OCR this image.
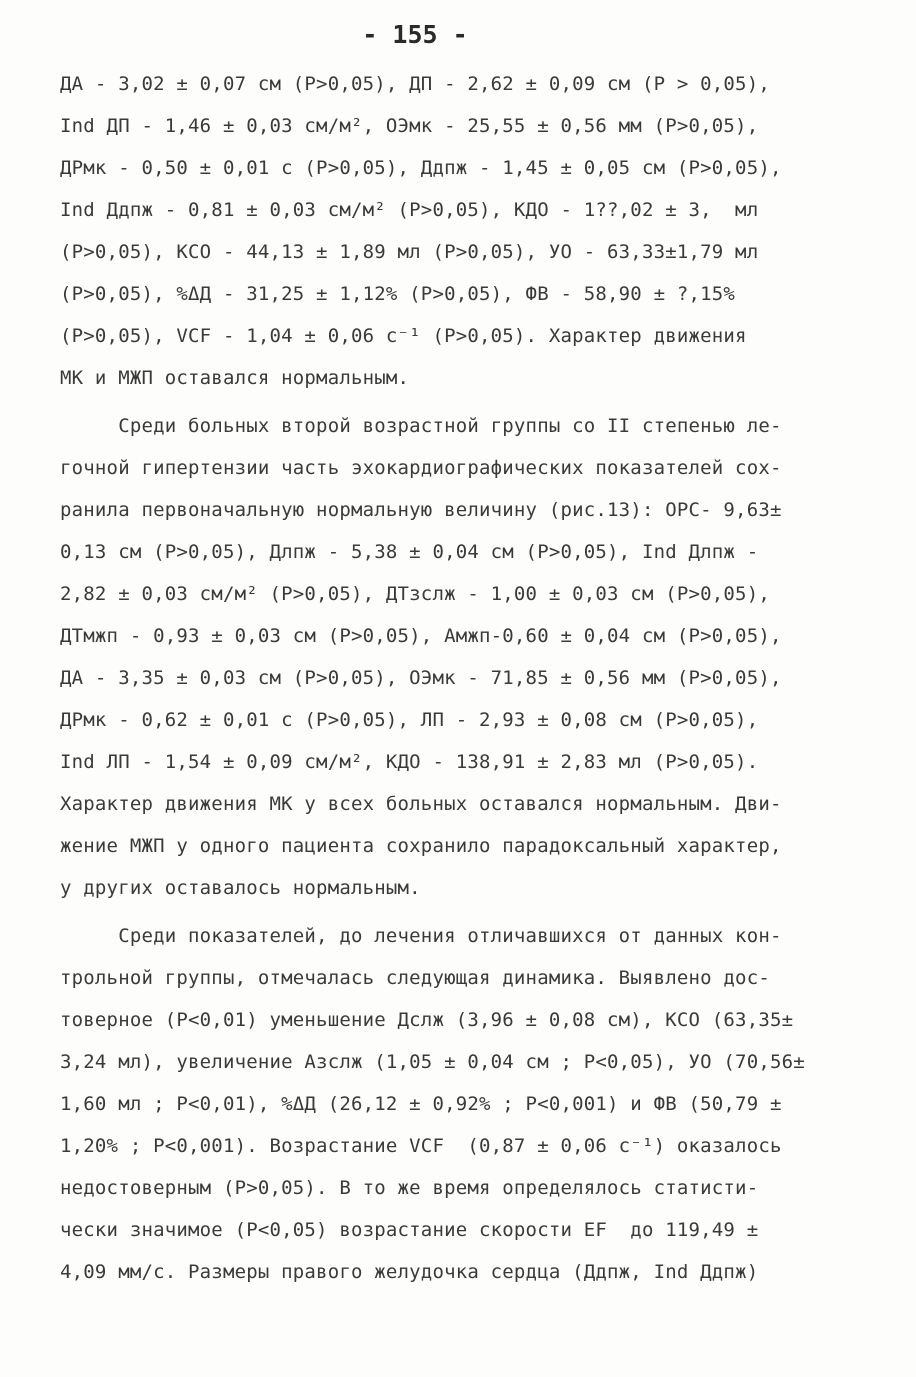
- 155 -
ДА - 3,02 ± 0,07 см (P>0,05), ДП - 2,62 ± 0,09 см (P > 0,05),
Ind ДП - 1,46 ± 0,03 см/м², ОЭмк - 25,55 ± 0,56 мм (P>0,05),
ДРмк - 0,50 ± 0,01 с (P>0,05), Ддпж - 1,45 ± 0,05 см (P>0,05),
Ind Ддпж - 0,81 ± 0,03 см/м² (P>0,05), КДО - 1??,02 ± 3,  мл
(P>0,05), КСО - 44,13 ± 1,89 мл (P>0,05), УО - 63,33±1,79 мл
(P>0,05), %ΔД - 31,25 ± 1,12% (P>0,05), ФВ - 58,90 ± ?,15%
(P>0,05), VCF - 1,04 ± 0,06 с⁻¹ (P>0,05). Характер движения
МК и МЖП оставался нормальным.
Среди больных второй возрастной группы со II степенью ле-
гочной гипертензии часть эхокардиографических показателей сох-
ранила первоначальную нормальную величину (рис.13): ОРС- 9,63±
0,13 см (P>0,05), Длпж - 5,38 ± 0,04 см (P>0,05), Ind Длпж -
2,82 ± 0,03 см/м² (P>0,05), ДТзслж - 1,00 ± 0,03 см (P>0,05),
ДТмжп - 0,93 ± 0,03 см (P>0,05), Амжп-0,60 ± 0,04 см (P>0,05),
ДА - 3,35 ± 0,03 см (P>0,05), ОЭмк - 71,85 ± 0,56 мм (P>0,05),
ДРмк - 0,62 ± 0,01 с (P>0,05), ЛП - 2,93 ± 0,08 см (P>0,05),
Ind ЛП - 1,54 ± 0,09 см/м², КДО - 138,91 ± 2,83 мл (P>0,05).
Характер движения МК у всех больных оставался нормальным. Дви-
жение МЖП у одного пациента сохранило парадоксальный характер,
у других оставалось нормальным.
Среди показателей, до лечения отличавшихся от данных кон-
трольной группы, отмечалась следующая динамика. Выявлено дос-
товерное (P<0,01) уменьшение Дслж (3,96 ± 0,08 см), КСО (63,35±
3,24 мл), увеличение Азслж (1,05 ± 0,04 см ; P<0,05), УО (70,56±
1,60 мл ; P<0,01), %ΔД (26,12 ± 0,92% ; P<0,001) и ФВ (50,79 ±
1,20% ; P<0,001). Возрастание VCF  (0,87 ± 0,06 с⁻¹) оказалось
недостоверным (P>0,05). В то же время определялось статисти-
чески значимое (P<0,05) возрастание скорости EF  до 119,49 ±
4,09 мм/с. Размеры правого желудочка сердца (Ддпж, Ind Ддпж)
